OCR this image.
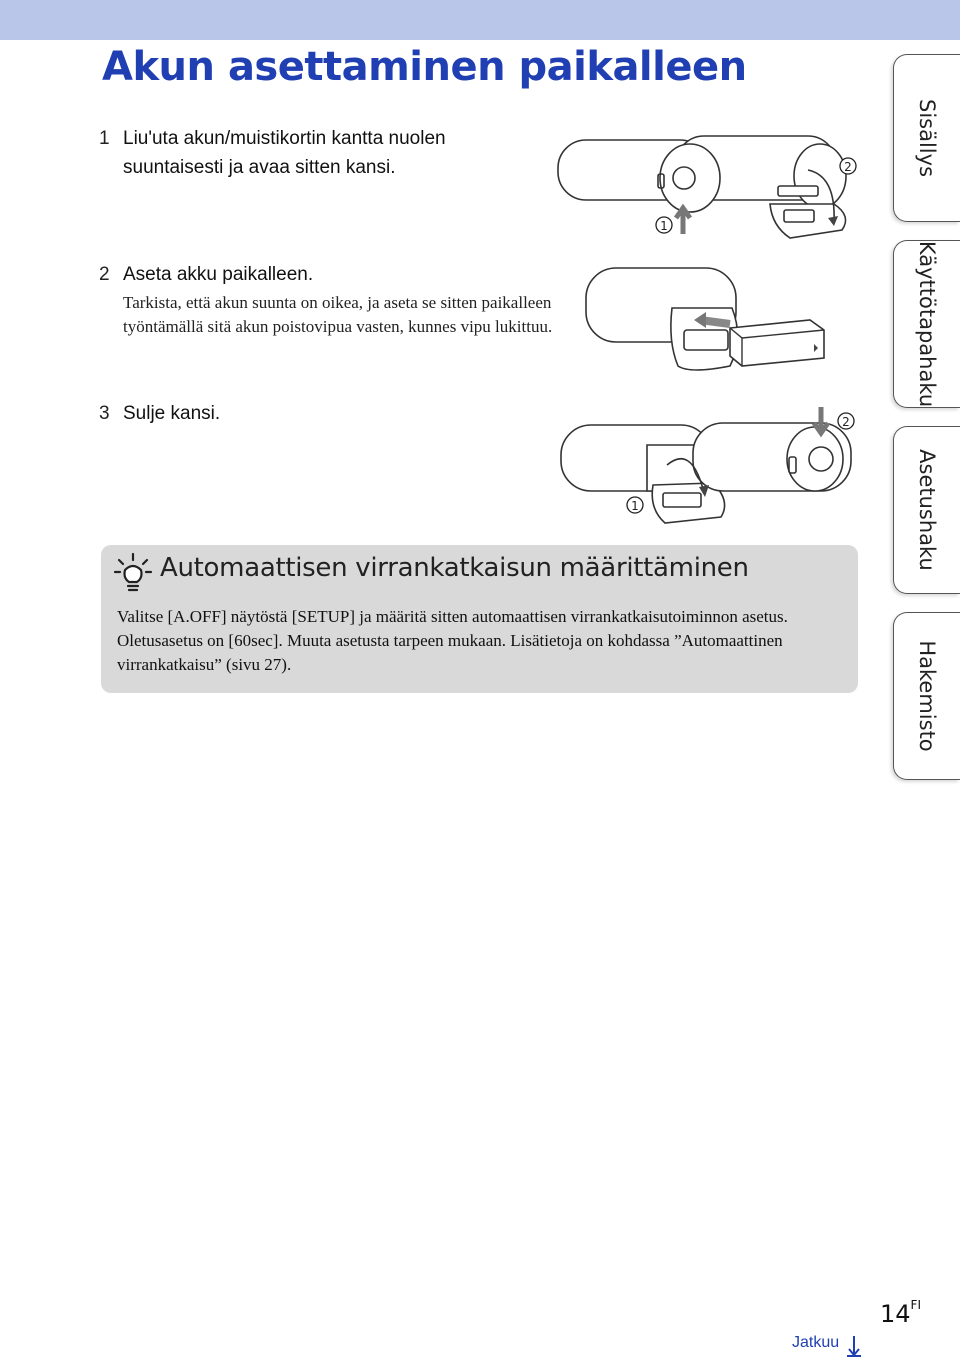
Akun asettaminen paikalleen
1 Liu'uta akun/muistikortin kantta nuolen suuntaisesti ja avaa sitten kansi.
2 Aseta akku paikalleen.
Tarkista, että akun suunta on oikea, ja aseta se sitten paikalleen työntämällä sitä akun poistovipua vasten, kunnes vipu lukittuu.
3 Sulje kansi.
1
2
1
2
Automaattisen virrankatkaisun määrittäminen
Valitse [A.OFF] näytöstä [SETUP] ja määritä sitten automaattisen virrankatkaisutoiminnon asetus. Oletusasetus on [60sec]. Muuta asetusta tarpeen mukaan. Lisätietoja on kohdassa ”Automaattinen virrankatkaisu” (sivu 27).
Sisällys
Käyttötapahaku
Asetushaku
Hakemisto
$14^{FI}$
Jatkuu
